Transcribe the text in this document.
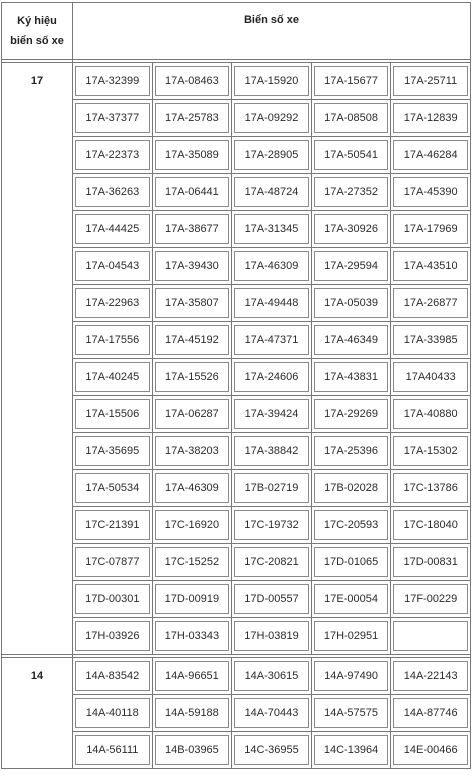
Ký hiệu
biển số xe	Biển số xe				

17	17A-32399	17A-08463	17A-15920	17A-15677	17A-25711

	17A-37377	17A-25783	17A-09292	17A-08508	17A-12839

	17A-22373	17A-35089	17A-28905	17A-50541	17A-46284

	17A-36263	17A-06441	17A-48724	17A-27352	17A-45390

	17A-44425	17A-38677	17A-31345	17A-30926	17A-17969

	17A-04543	17A-39430	17A-46309	17A-29594	17A-43510

	17A-22963	17A-35807	17A-49448	17A-05039	17A-26877

	17A-17556	17A-45192	17A-47371	17A-46349	17A-33985

	17A-40245	17A-15526	17A-24606	17A-43831	17A40433

	17A-15506	17A-06287	17A-39424	17A-29269	17A-40880

	17A-35695	17A-38203	17A-38842	17A-25396	17A-15302

	17A-50534	17A-46309	17B-02719	17B-02028	17C-13786

	17C-21391	17C-16920	17C-19732	17C-20593	17C-18040

	17C-07877	17C-15252	17C-20821	17D-01065	17D-00831

	17D-00301	17D-00919	17D-00557	17E-00054	17F-00229

	17H-03926	17H-03343	17H-03819	17H-02951	

14	14A-83542	14A-96651	14A-30615	14A-97490	14A-22143

	14A-40118	14A-59188	14A-70443	14A-57575	14A-87746

	14A-56111	14B-03965	14C-36955	14C-13964	14E-00466
